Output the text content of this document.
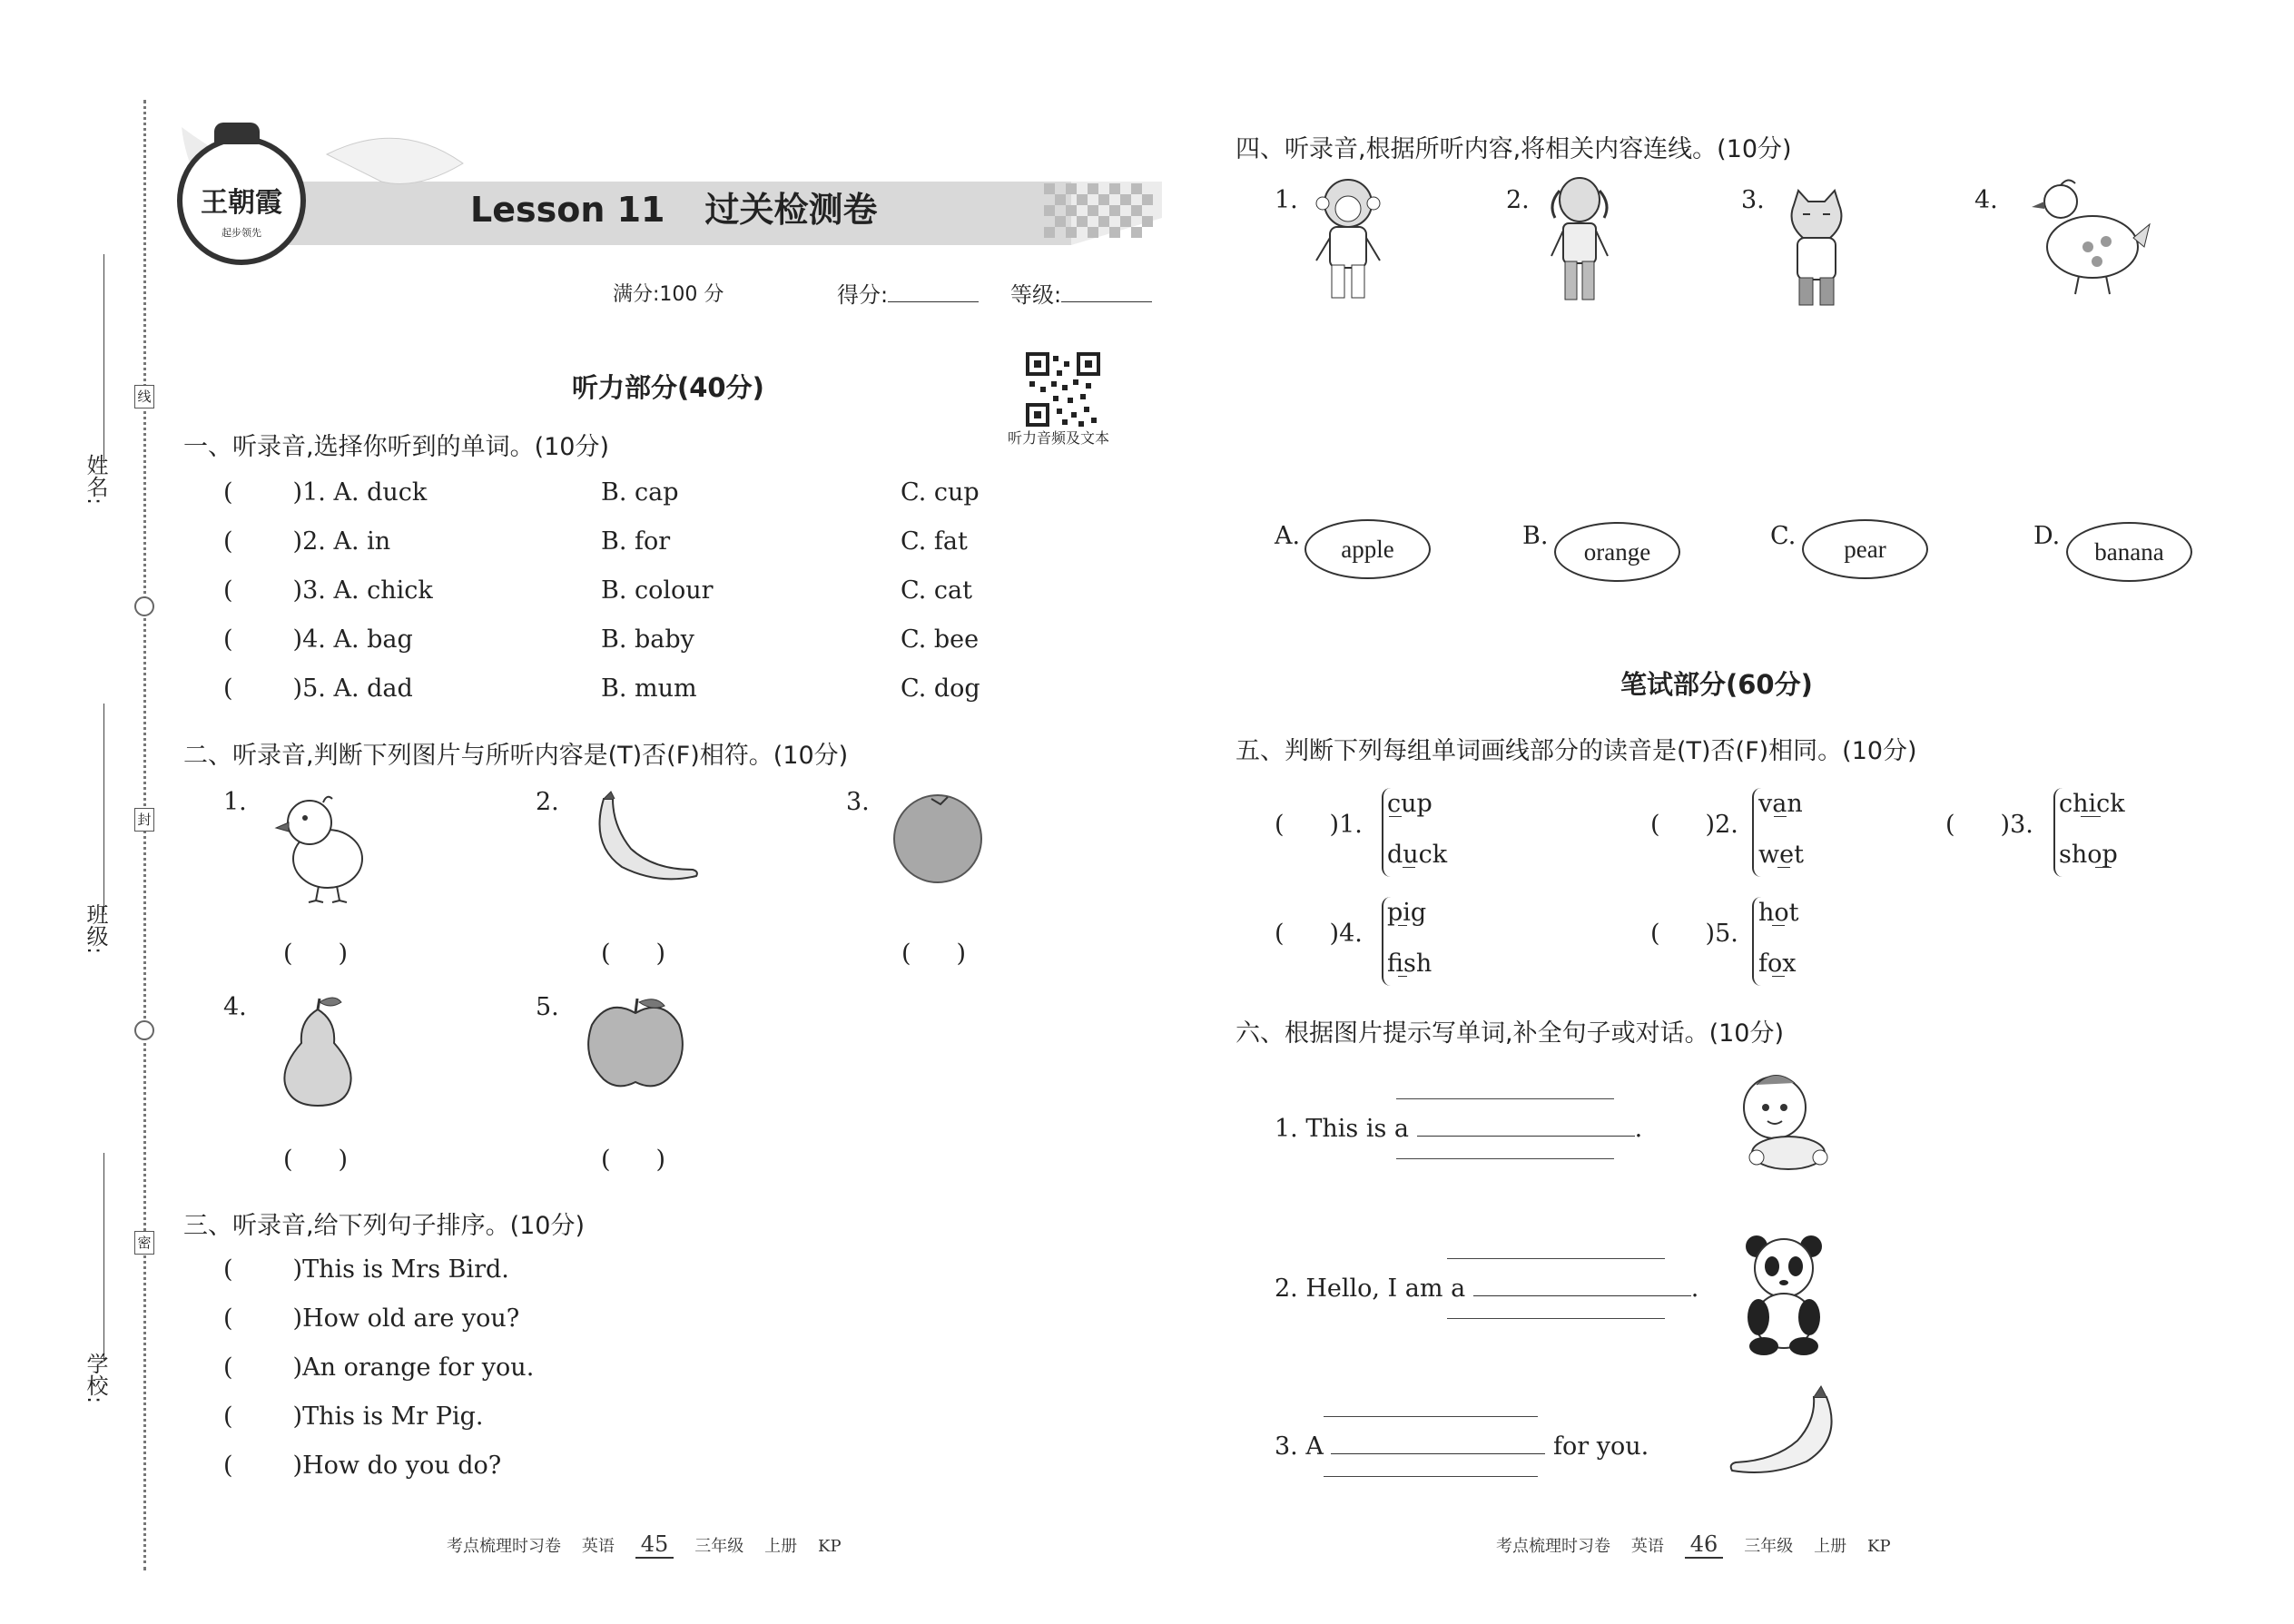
线
封
密
姓名:
班级:
学校:
王朝霞
起步领先
Lesson 11 过关检测卷
满分:100 分	得分:	等级:
听力部分(40分)
听力音频及文本
一、听录音,选择你听到的单词。(10分)
( )1. A. duck	B. cap	C. cup
( )2. A. in	B. for	C. fat
( )3. A. chick	B. colour	C. cat
( )4. A. bag	B. baby	C. bee
( )5. A. dad	B. mum	C. dog
二、听录音,判断下列图片与所听内容是(T)否(F)相符。(10分)
1.
( )
2.
( )
3.
( )
4.
( )
5.
( )
三、听录音,给下列句子排序。(10分)
( )This is Mrs Bird.
( )How old are you?
( )An orange for you.
( )This is Mr Pig.
( )How do you do?
考点梳理时习卷 英语 45 三年级 上册 KP
四、听录音,根据所听内容,将相关内容连线。(10分)
1.	2.	3.	4.
A.	apple	B.
orange
C.	pear	D.
banana
笔试部分(60分)
五、判断下列每组单词画线部分的读音是(T)否(F)相同。(10分)
( )1.
cup
duck
( )2.
van
wet
( )3.
chick
shop
( )4.
pig
fish
( )5.
hot
fox
六、根据图片提示写单词,补全句子或对话。(10分)
1. This is a	.
2. Hello, I am a	.
3. A	for you.
考点梳理时习卷 英语 46 三年级 上册 KP
